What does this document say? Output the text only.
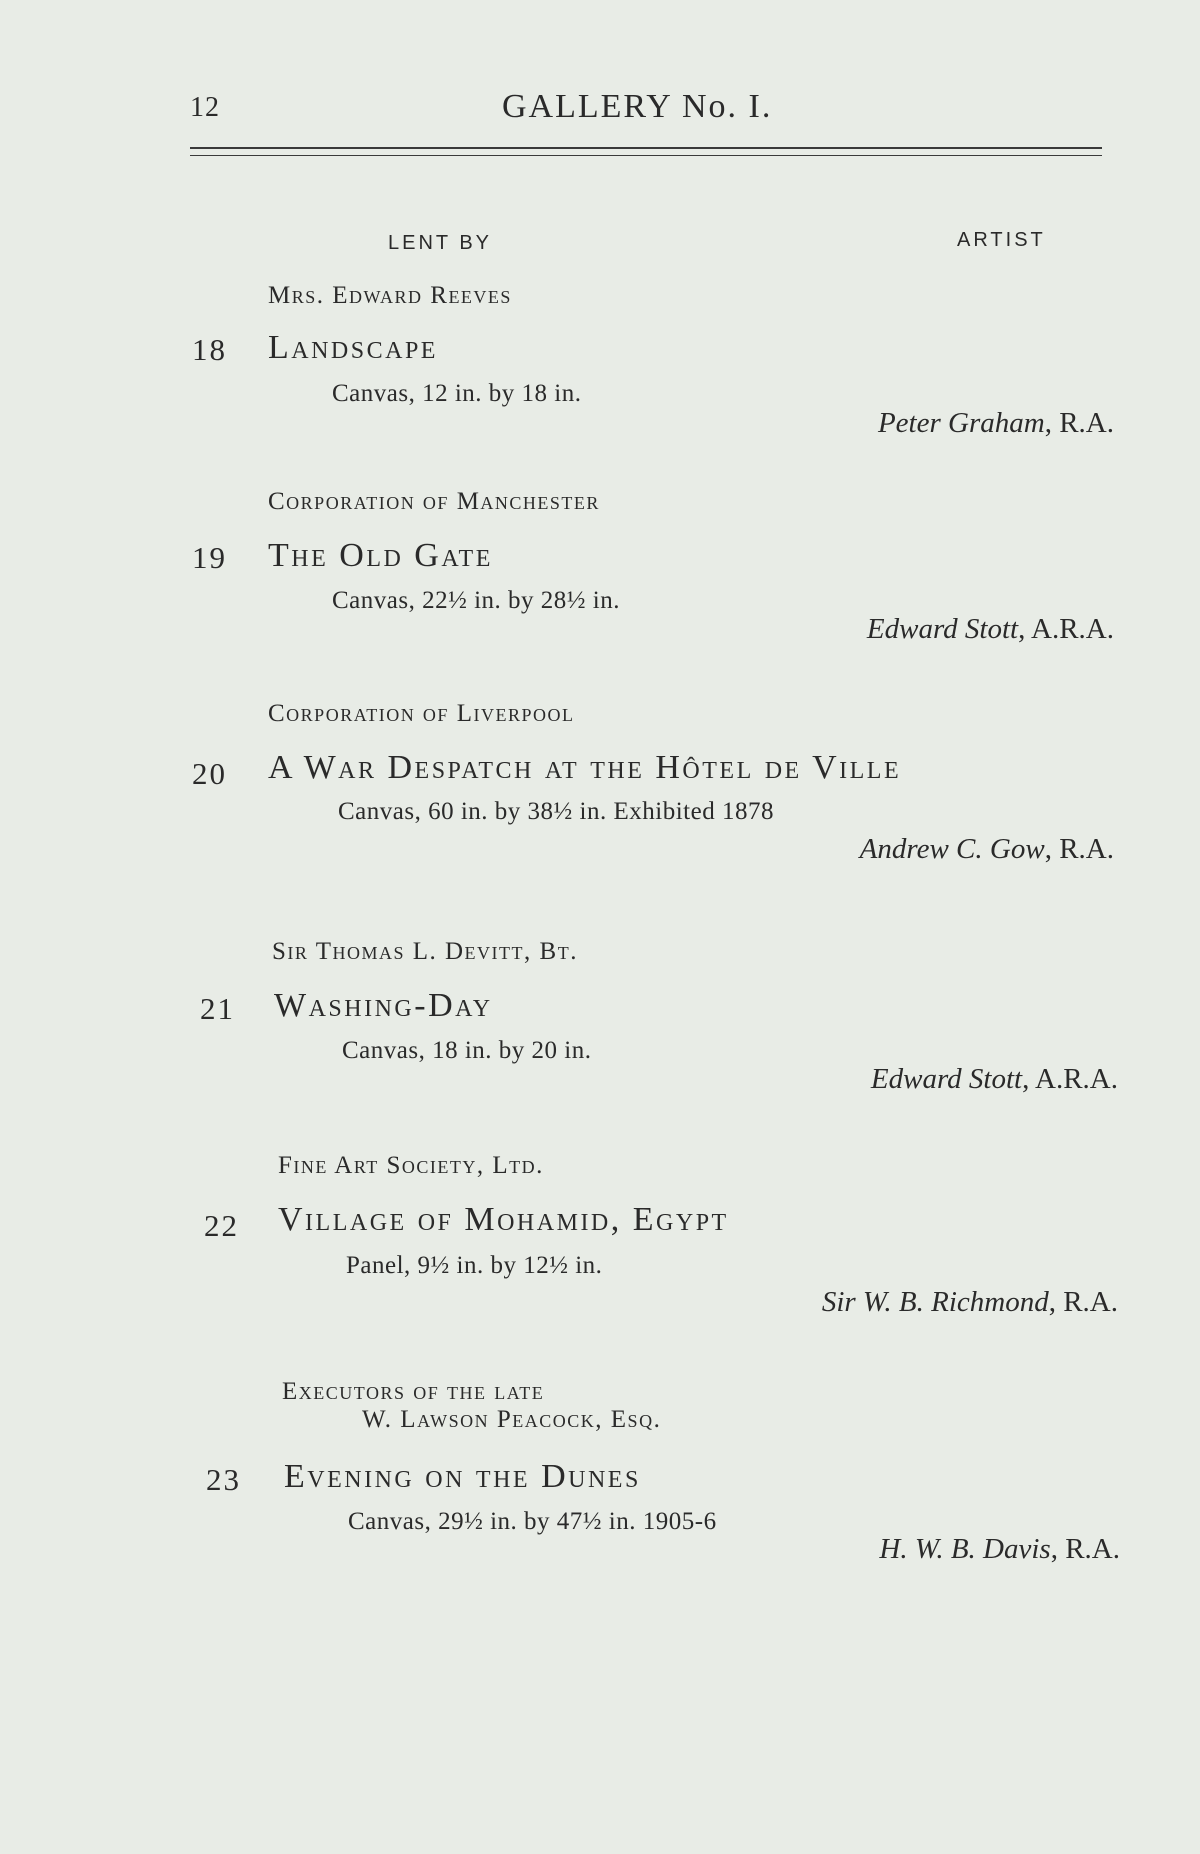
12	GALLERY No. I.
LENT BY	ARTIST
Mrs. Edward Reeves
18 Landscape
Canvas, 12 in. by 18 in.
Peter Graham, R.A.
Corporation of Manchester
19 The Old Gate
Canvas, 22½ in. by 28½ in.
Edward Stott, A.R.A.
Corporation of Liverpool
20 A War Despatch at the Hôtel de Ville
Canvas, 60 in. by 38½ in. Exhibited 1878
Andrew C. Gow, R.A.
Sir Thomas L. Devitt, Bt.
21 Washing-Day
Canvas, 18 in. by 20 in.
Edward Stott, A.R.A.
Fine Art Society, Ltd.
22 Village of Mohamid, Egypt
Panel, 9½ in. by 12½ in.
Sir W. B. Richmond, R.A.
Executors of the late
W. Lawson Peacock, Esq.
23 Evening on the Dunes
Canvas, 29½ in. by 47½ in. 1905-6
H. W. B. Davis, R.A.
